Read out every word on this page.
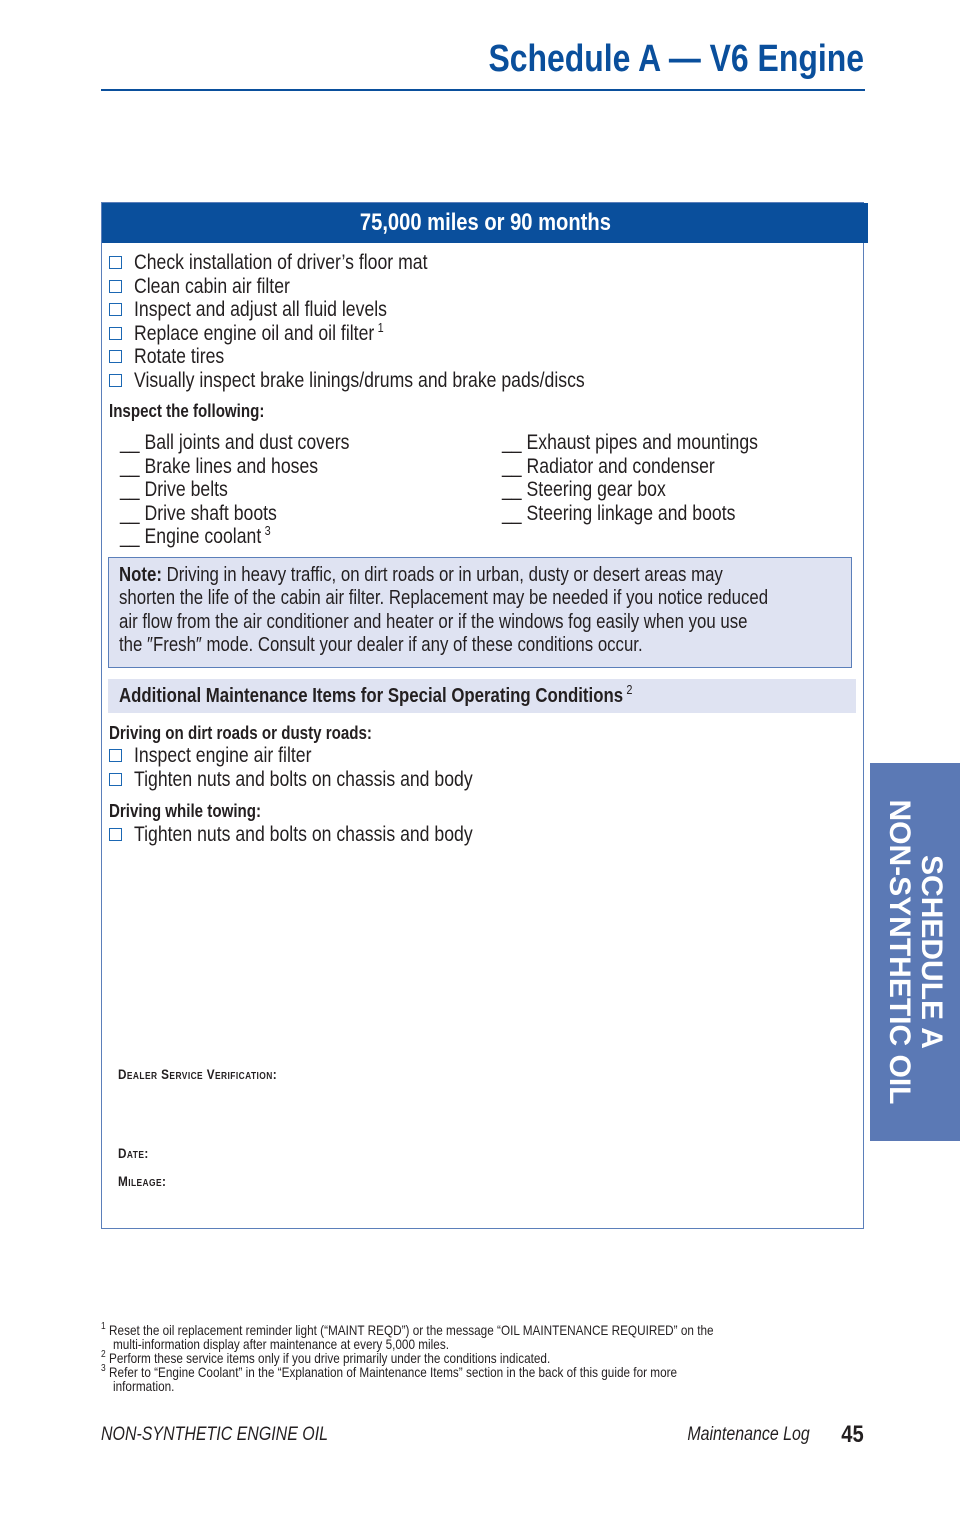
Schedule A — V6 Engine
75,000 miles or 90 months
Check installation of driver’s floor mat
Clean cabin air filter
Inspect and adjust all fluid levels
Replace engine oil and oil filter $^1$
Rotate tires
Visually inspect brake linings/drums and brake pads/discs
Inspect the following:
__ Ball joints and dust covers
__ Brake lines and hoses
__ Drive belts
__ Drive shaft boots
__ Engine coolant $^3$
__ Exhaust pipes and mountings
__ Radiator and condenser
__ Steering gear box
__ Steering linkage and boots
Note: Driving in heavy traffic, on dirt roads or in urban, dusty or desert areas may
shorten the life of the cabin air filter. Replacement may be needed if you notice reduced
air flow from the air conditioner and heater or if the windows fog easily when you use
the ″Fresh″ mode. Consult your dealer if any of these conditions occur.
Additional Maintenance Items for Special Operating Conditions $^2$
Driving on dirt roads or dusty roads:
Inspect engine air filter
Tighten nuts and bolts on chassis and body
Driving while towing:
Tighten nuts and bolts on chassis and body
Dealer Service Verification:
Date:
Mileage:
$^1$ Reset the oil replacement reminder light (“MAINT REQD”) or the message “OIL MAINTENANCE REQUIRED” on the
multi-information display after maintenance at every 5,000 miles.
$^2$ Perform these service items only if you drive primarily under the conditions indicated.
$^3$ Refer to “Engine Coolant” in the “Explanation of Maintenance Items” section in the back of this guide for more
information.
NON-SYNTHETIC ENGINE OIL	Maintenance Log 45
SCHEDULE A
NON-SYNTHETIC OIL
